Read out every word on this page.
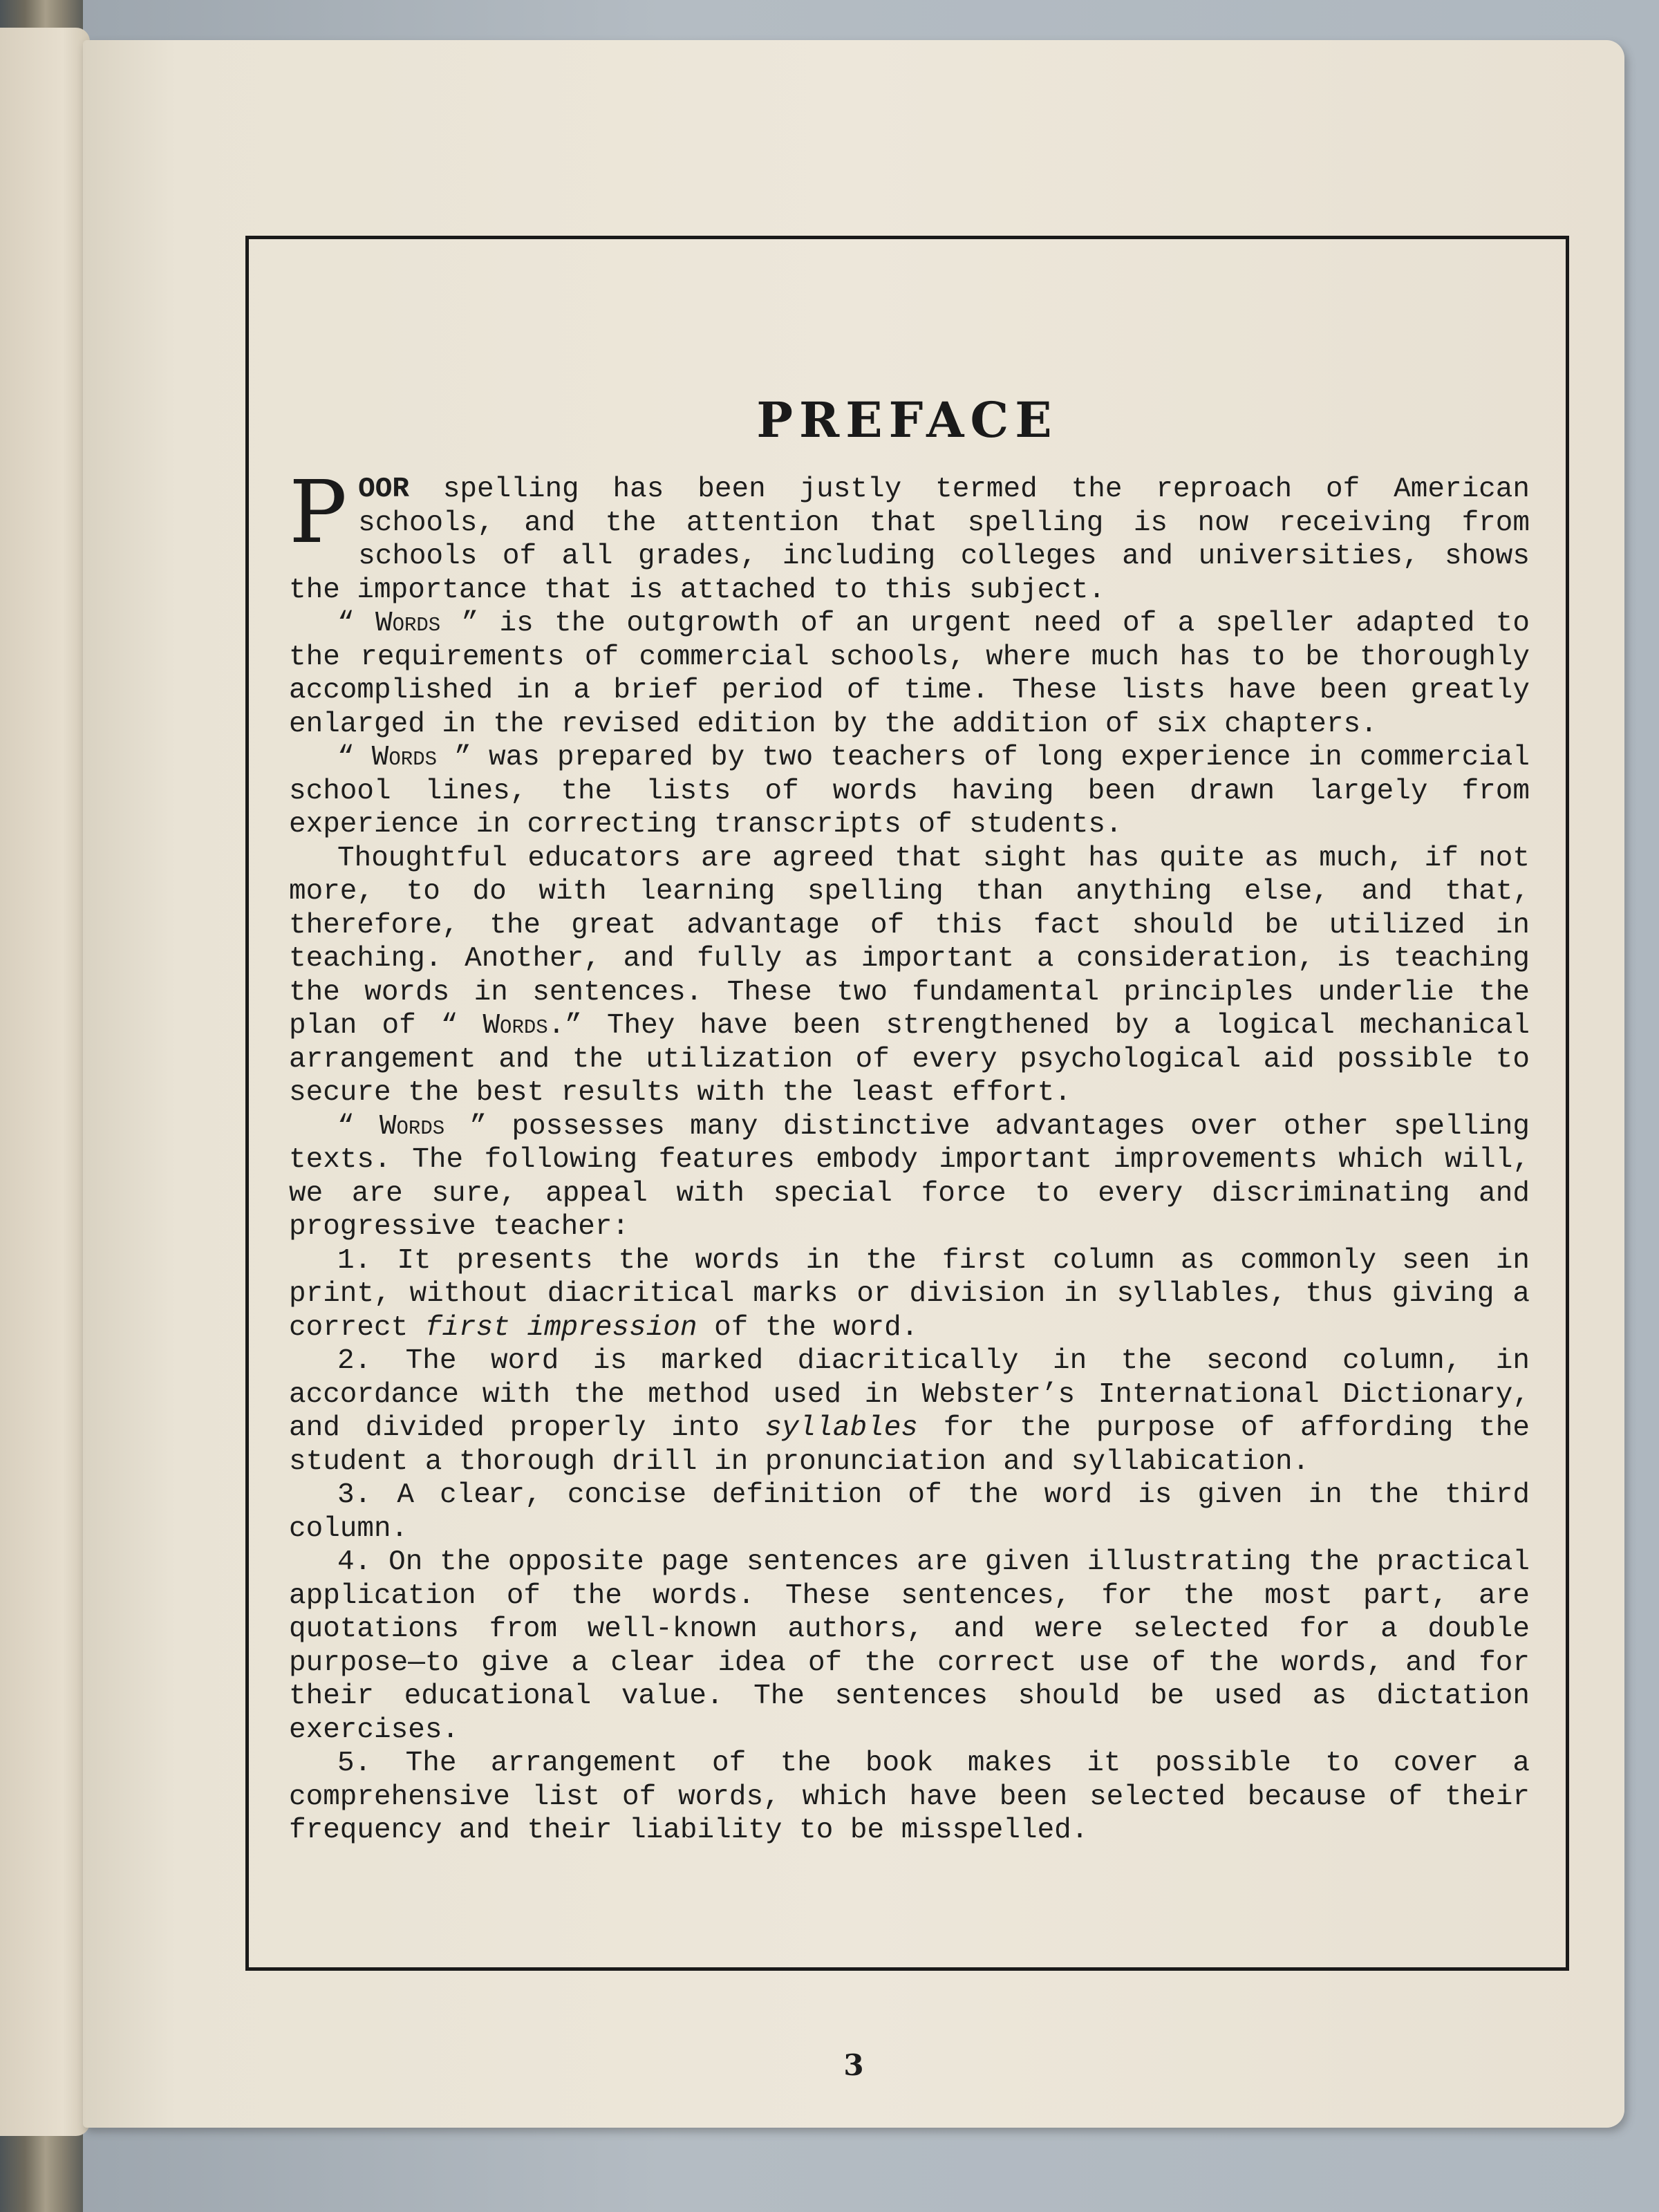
PREFACE

POOR spelling has been justly termed the reproach of American schools, and the attention that spelling is now receiving from schools of all grades, including colleges and universities, shows the importance that is attached to this subject.

“ Words ” is the outgrowth of an urgent need of a speller adapted to the requirements of commercial schools, where much has to be thoroughly accomplished in a brief period of time. These lists have been greatly enlarged in the revised edition by the addition of six chapters.

“ Words ” was prepared by two teachers of long experience in commercial school lines, the lists of words having been drawn largely from experience in correcting transcripts of students.

Thoughtful educators are agreed that sight has quite as much, if not more, to do with learning spelling than anything else, and that, therefore, the great advantage of this fact should be utilized in teaching. Another, and fully as important a consideration, is teaching the words in sentences. These two fundamental principles underlie the plan of “ Words.” They have been strengthened by a logical mechanical arrangement and the utilization of every psychological aid possible to secure the best results with the least effort.

“ Words ” possesses many distinctive advantages over other spelling texts. The following features embody important improvements which will, we are sure, appeal with special force to every discriminating and progressive teacher:

1. It presents the words in the first column as commonly seen in print, without diacritical marks or division in syllables, thus giving a correct first impression of the word.

2. The word is marked diacritically in the second column, in accordance with the method used in Webster’s International Dictionary, and divided properly into syllables for the purpose of affording the student a thorough drill in pronunciation and syllabication.

3. A clear, concise definition of the word is given in the third column.

4. On the opposite page sentences are given illustrating the practical application of the words. These sentences, for the most part, are quotations from well-known authors, and were selected for a double purpose—to give a clear idea of the correct use of the words, and for their educational value. The sentences should be used as dictation exercises.

5. The arrangement of the book makes it possible to cover a comprehensive list of words, which have been selected because of their frequency and their liability to be misspelled.

3
